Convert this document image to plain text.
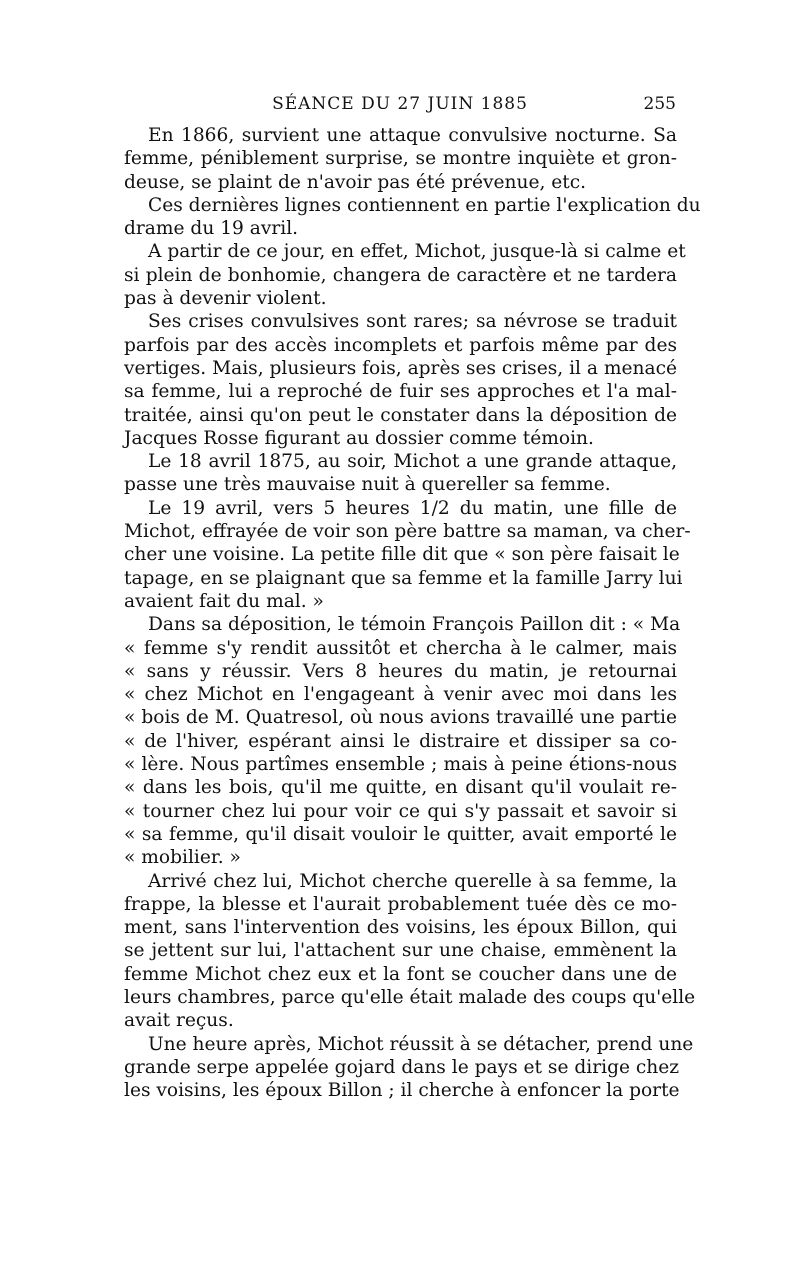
SÉANCE DU 27 JUIN 1885	255
En 1866, survient une attaque convulsive nocturne. Sa
femme, péniblement surprise, se montre inquiète et gron-
deuse, se plaint de n'avoir pas été prévenue, etc.
Ces dernières lignes contiennent en partie l'explication du
drame du 19 avril.
A partir de ce jour, en effet, Michot, jusque-là si calme et
si plein de bonhomie, changera de caractère et ne tardera
pas à devenir violent.
Ses crises convulsives sont rares; sa névrose se traduit
parfois par des accès incomplets et parfois même par des
vertiges. Mais, plusieurs fois, après ses crises, il a menacé
sa femme, lui a reproché de fuir ses approches et l'a mal-
traitée, ainsi qu'on peut le constater dans la déposition de
Jacques Rosse figurant au dossier comme témoin.
Le 18 avril 1875, au soir, Michot a une grande attaque,
passe une très mauvaise nuit à quereller sa femme.
Le 19 avril, vers 5 heures 1/2 du matin, une fille de
Michot, effrayée de voir son père battre sa maman, va cher-
cher une voisine. La petite fille dit que « son père faisait le
tapage, en se plaignant que sa femme et la famille Jarry lui
avaient fait du mal. »
Dans sa déposition, le témoin François Paillon dit : « Ma
« femme s'y rendit aussitôt et chercha à le calmer, mais
« sans y réussir. Vers 8 heures du matin, je retournai
« chez Michot en l'engageant à venir avec moi dans les
« bois de M. Quatresol, où nous avions travaillé une partie
« de l'hiver, espérant ainsi le distraire et dissiper sa co-
« lère. Nous partîmes ensemble ; mais à peine étions-nous
« dans les bois, qu'il me quitte, en disant qu'il voulait re-
« tourner chez lui pour voir ce qui s'y passait et savoir si
« sa femme, qu'il disait vouloir le quitter, avait emporté le
« mobilier. »
Arrivé chez lui, Michot cherche querelle à sa femme, la
frappe, la blesse et l'aurait probablement tuée dès ce mo-
ment, sans l'intervention des voisins, les époux Billon, qui
se jettent sur lui, l'attachent sur une chaise, emmènent la
femme Michot chez eux et la font se coucher dans une de
leurs chambres, parce qu'elle était malade des coups qu'elle
avait reçus.
Une heure après, Michot réussit à se détacher, prend une
grande serpe appelée gojard dans le pays et se dirige chez
les voisins, les époux Billon ; il cherche à enfoncer la porte
